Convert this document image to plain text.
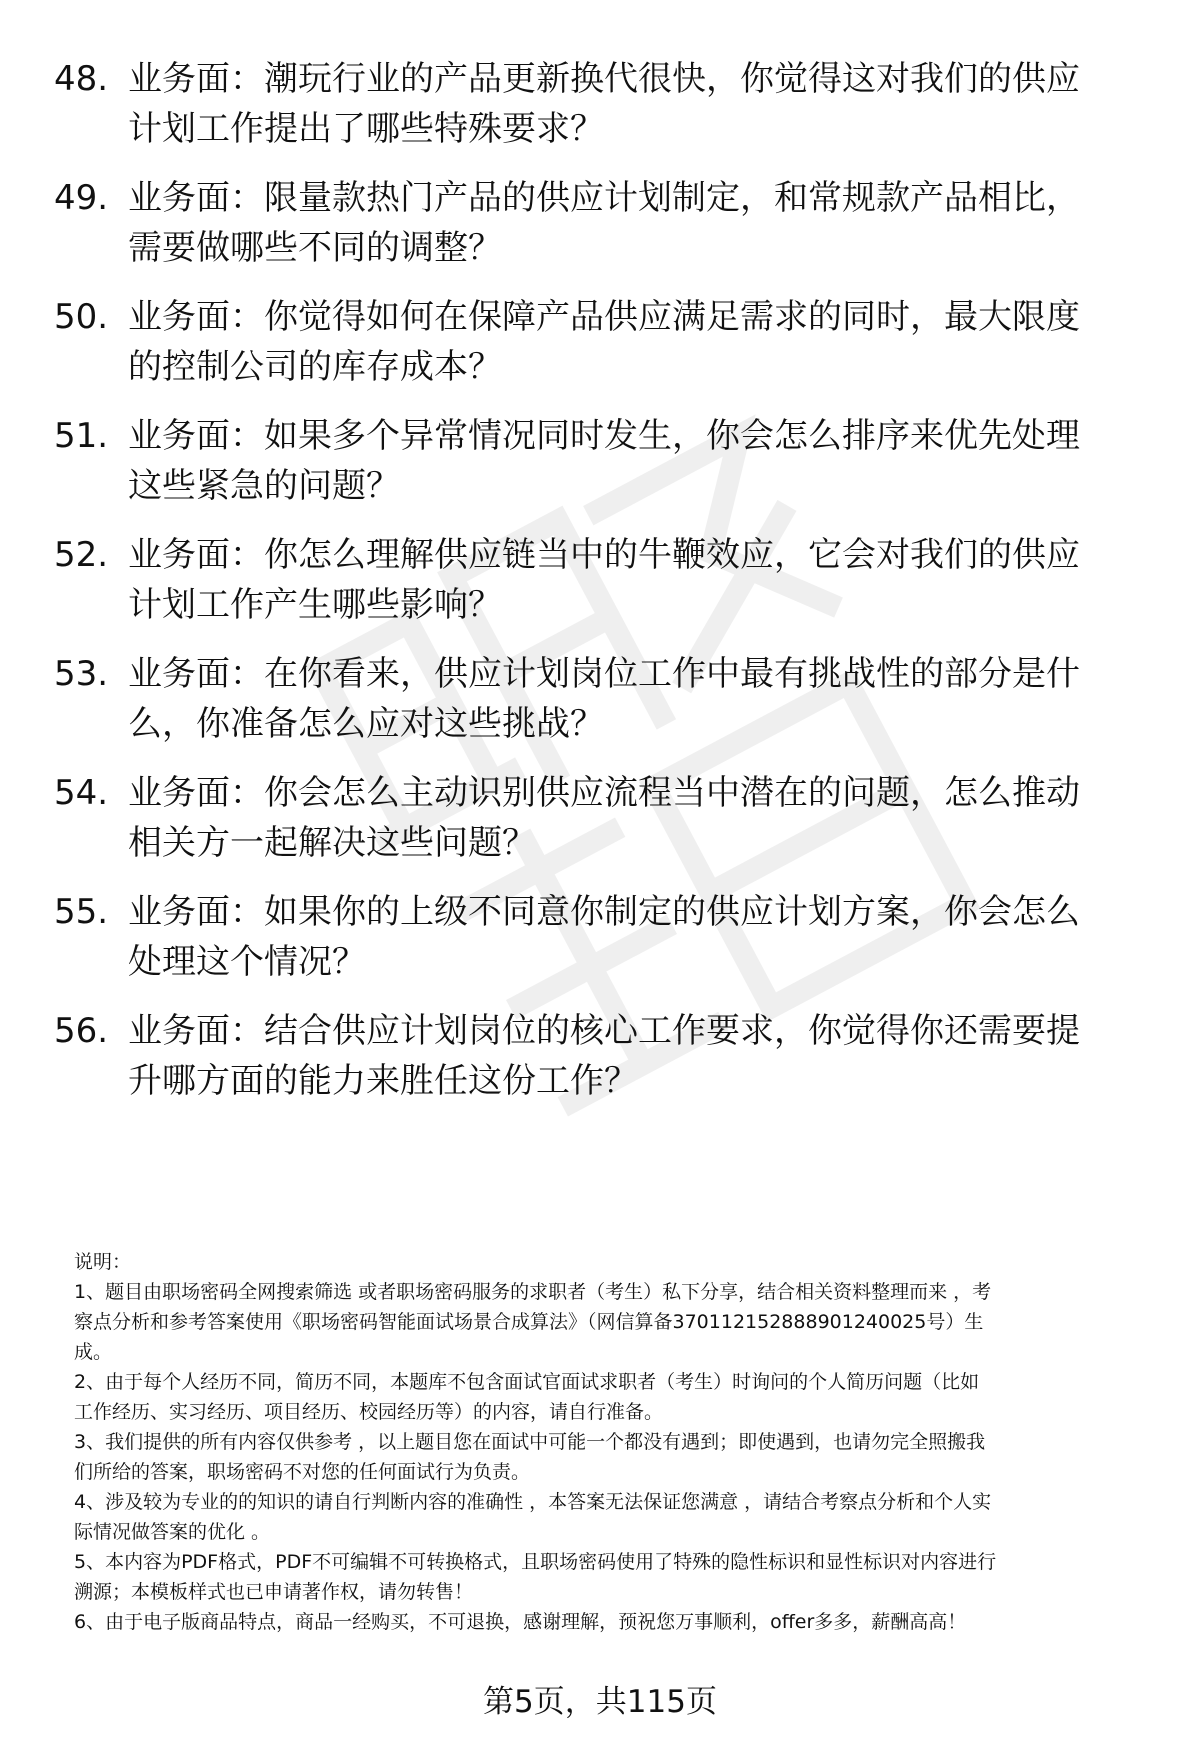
48. 业务面：潮玩行业的产品更新换代很快，你觉得这对我们的供应
计划工作提出了哪些特殊要求？
49. 业务面：限量款热门产品的供应计划制定，和常规款产品相比，
需要做哪些不同的调整？
50. 业务面：你觉得如何在保障产品供应满足需求的同时，最大限度
的控制公司的库存成本？
51. 业务面：如果多个异常情况同时发生，你会怎么排序来优先处理
这些紧急的问题？
52. 业务面：你怎么理解供应链当中的牛鞭效应，它会对我们的供应
计划工作产生哪些影响？
53. 业务面：在你看来，供应计划岗位工作中最有挑战性的部分是什
么，你准备怎么应对这些挑战？
54. 业务面：你会怎么主动识别供应流程当中潜在的问题，怎么推动
相关方一起解决这些问题？
55. 业务面：如果你的上级不同意你制定的供应计划方案，你会怎么
处理这个情况？
56. 业务面：结合供应计划岗位的核心工作要求，你觉得你还需要提
升哪方面的能力来胜任这份工作？
说明：
1、题目由职场密码全网搜索筛选 或者职场密码服务的求职者（考生）私下分享，结合相关资料整理而来 ，考
察点分析和参考答案使用《职场密码智能面试场景合成算法》（网信算备370112152888901240025号）生
成。
2、由于每个人经历不同，简历不同，本题库不包含面试官面试求职者（考生）时询问的个人简历问题（比如
工作经历、实习经历、项目经历、校园经历等）的内容，请自行准备。
3、我们提供的所有内容仅供参考 ，以上题目您在面试中可能一个都没有遇到；即使遇到，也请勿完全照搬我
们所给的答案，职场密码不对您的任何面试行为负责。
4、涉及较为专业的的知识的请自行判断内容的准确性 ，本答案无法保证您满意 ，请结合考察点分析和个人实
际情况做答案的优化 。
5、本内容为PDF格式，PDF不可编辑不可转换格式，且职场密码使用了特殊的隐性标识和显性标识对内容进行
溯源；本模板样式也已申请著作权，请勿转售！
6、由于电子版商品特点，商品一经购买，不可退换，感谢理解，预祝您万事顺利，offer多多，薪酬高高！
第5页，共115页
